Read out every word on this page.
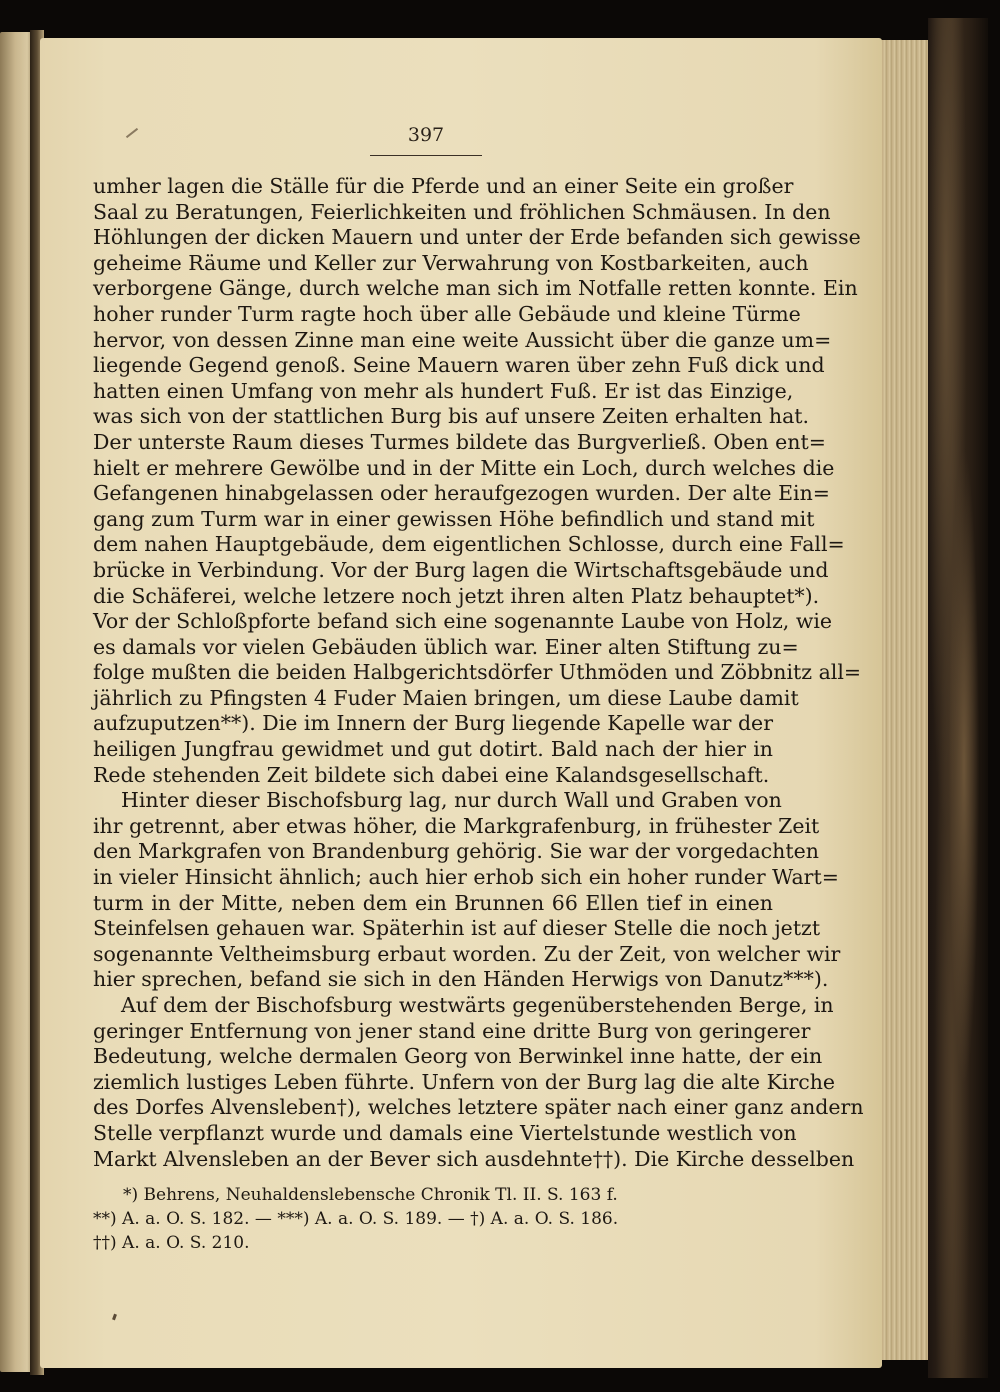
397
umher lagen die Ställe für die Pferde und an einer Seite ein großer
Saal zu Beratungen, Feierlichkeiten und fröhlichen Schmäusen. In den
Höhlungen der dicken Mauern und unter der Erde befanden sich gewisse
geheime Räume und Keller zur Verwahrung von Kostbarkeiten, auch
verborgene Gänge, durch welche man sich im Notfalle retten konnte. Ein
hoher runder Turm ragte hoch über alle Gebäude und kleine Türme
hervor, von dessen Zinne man eine weite Aussicht über die ganze um=
liegende Gegend genoß. Seine Mauern waren über zehn Fuß dick und
hatten einen Umfang von mehr als hundert Fuß. Er ist das Einzige,
was sich von der stattlichen Burg bis auf unsere Zeiten erhalten hat.
Der unterste Raum dieses Turmes bildete das Burgverließ. Oben ent=
hielt er mehrere Gewölbe und in der Mitte ein Loch, durch welches die
Gefangenen hinabgelassen oder heraufgezogen wurden. Der alte Ein=
gang zum Turm war in einer gewissen Höhe befindlich und stand mit
dem nahen Hauptgebäude, dem eigentlichen Schlosse, durch eine Fall=
brücke in Verbindung. Vor der Burg lagen die Wirtschaftsgebäude und
die Schäferei, welche letzere noch jetzt ihren alten Platz behauptet*).
Vor der Schloßpforte befand sich eine sogenannte Laube von Holz, wie
es damals vor vielen Gebäuden üblich war. Einer alten Stiftung zu=
folge mußten die beiden Halbgerichtsdörfer Uthmöden und Zöbbnitz all=
jährlich zu Pfingsten 4 Fuder Maien bringen, um diese Laube damit
aufzuputzen**). Die im Innern der Burg liegende Kapelle war der
heiligen Jungfrau gewidmet und gut dotirt. Bald nach der hier in
Rede stehenden Zeit bildete sich dabei eine Kalandsgesellschaft.
Hinter dieser Bischofsburg lag, nur durch Wall und Graben von
ihr getrennt, aber etwas höher, die Markgrafenburg, in frühester Zeit
den Markgrafen von Brandenburg gehörig. Sie war der vorgedachten
in vieler Hinsicht ähnlich; auch hier erhob sich ein hoher runder Wart=
turm in der Mitte, neben dem ein Brunnen 66 Ellen tief in einen
Steinfelsen gehauen war. Späterhin ist auf dieser Stelle die noch jetzt
sogenannte Veltheimsburg erbaut worden. Zu der Zeit, von welcher wir
hier sprechen, befand sie sich in den Händen Herwigs von Danutz***).
Auf dem der Bischofsburg westwärts gegenüberstehenden Berge, in
geringer Entfernung von jener stand eine dritte Burg von geringerer
Bedeutung, welche dermalen Georg von Berwinkel inne hatte, der ein
ziemlich lustiges Leben führte. Unfern von der Burg lag die alte Kirche
des Dorfes Alvensleben†), welches letztere später nach einer ganz andern
Stelle verpflanzt wurde und damals eine Viertelstunde westlich von
Markt Alvensleben an der Bever sich ausdehnte††). Die Kirche desselben
*) Behrens, Neuhaldenslebensche Chronik Tl. II. S. 163 f.
**) A. a. O. S. 182. — ***) A. a. O. S. 189. — †) A. a. O. S. 186.
††) A. a. O. S. 210.
